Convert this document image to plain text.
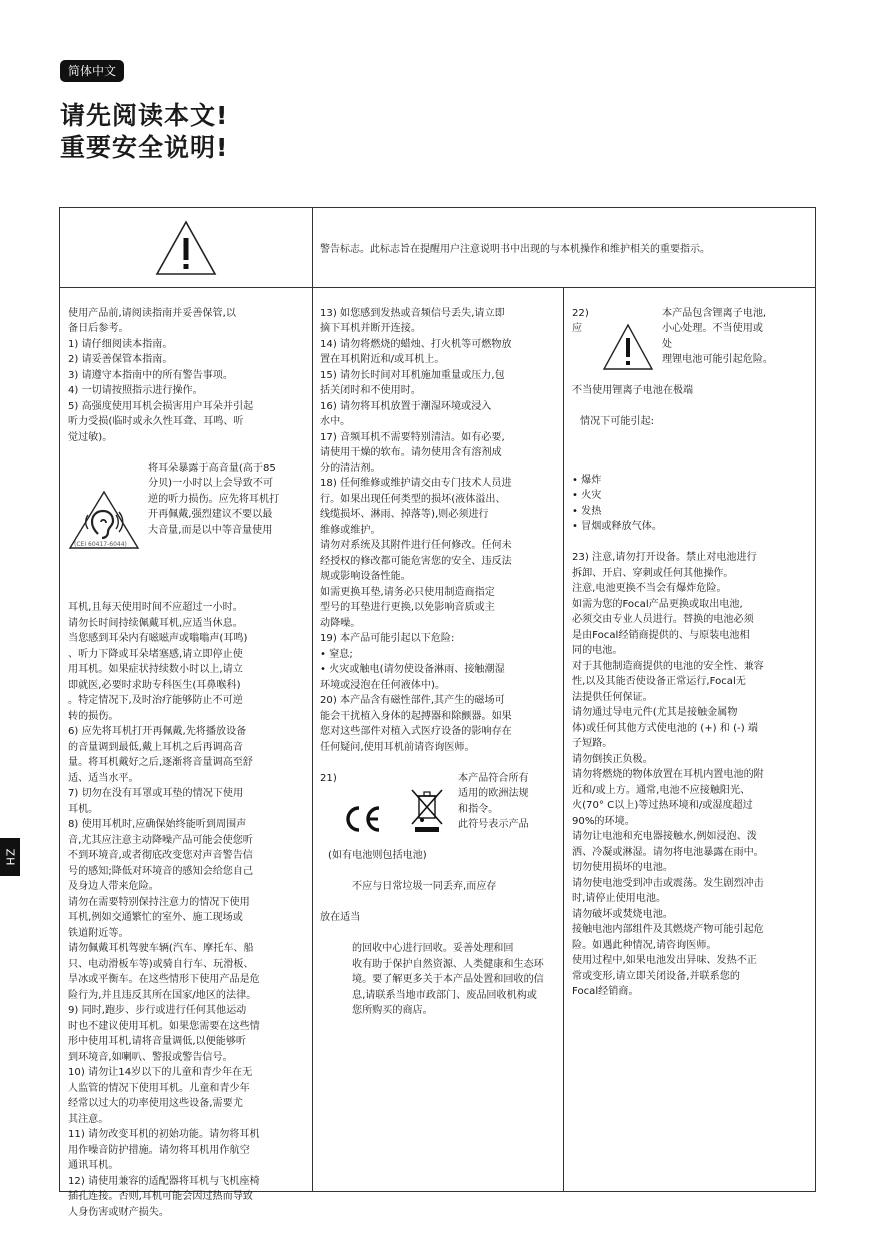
简体中文
请先阅读本文!
重要安全说明!
ZH
警告标志。此标志旨在提醒用户注意说明书中出现的与本机操作和维护相关的重要指示。

使用产品前,请阅读指南并妥善保管,以
备日后参考。
1) 请仔细阅读本指南。
2) 请妥善保管本指南。
3) 请遵守本指南中的所有警告事项。
4) 一切请按照指示进行操作。
5) 高强度使用耳机会损害用户耳朵并引起
听力受损(临时或永久性耳聋、耳鸣、听
觉过敏)。

(CEI 60417-6044)

将耳朵暴露于高音量(高于85
分贝)一小时以上会导致不可
逆的听力损伤。应先将耳机打
开再佩戴,强烈建议不要以最
大音量,而是以中等音量使用

耳机,且每天使用时间不应超过一小时。
请勿长时间持续佩戴耳机,应适当休息。
当您感到耳朵内有嗞嗞声或嗡嗡声(耳鸣)
、听力下降或耳朵堵塞感,请立即停止使
用耳机。如果症状持续数小时以上,请立
即就医,必要时求助专科医生(耳鼻喉科)
。特定情况下,及时治疗能够防止不可逆
转的损伤。
6) 应先将耳机打开再佩戴,先将播放设备
的音量调到最低,戴上耳机之后再调高音
量。将耳机戴好之后,逐渐将音量调高至舒
适、适当水平。
7) 切勿在没有耳罩或耳垫的情况下使用
耳机。
8) 使用耳机时,应确保始终能听到周围声
音,尤其应注意主动降噪产品可能会使您听
不到环境音,或者彻底改变您对声音警告信
号的感知;降低对环境音的感知会给您自己
及身边人带来危险。
请勿在需要特别保持注意力的情况下使用
耳机,例如交通繁忙的室外、施工现场或
铁道附近等。
请勿佩戴耳机驾驶车辆(汽车、摩托车、船
只、电动滑板车等)或骑自行车、玩滑板、
旱冰或平衡车。在这些情形下使用产品是危
险行为,并且违反其所在国家/地区的法律。
9) 同时,跑步、步行或进行任何其他运动
时也不建议使用耳机。如果您需要在这些情
形中使用耳机,请将音量调低,以便能够听
到环境音,如喇叭、警报或警告信号。
10) 请勿让14岁以下的儿童和青少年在无
人监管的情况下使用耳机。儿童和青少年
经常以过大的功率使用这些设备,需要尤
其注意。
11) 请勿改变耳机的初始功能。请勿将耳机
用作噪音防护措施。请勿将耳机用作航空
通讯耳机。
12) 请使用兼容的适配器将耳机与飞机座椅
插孔连接。否则,耳机可能会因过热而导致
人身伤害或财产损失。

13) 如您感到发热或音频信号丢失,请立即
摘下耳机并断开连接。
14) 请勿将燃烧的蜡烛、打火机等可燃物放
置在耳机附近和/或耳机上。
15) 请勿长时间对耳机施加重量或压力,包
括关闭时和不使用时。
16) 请勿将耳机放置于潮湿环境或浸入
水中。
17) 音频耳机不需要特别清洁。如有必要,
请使用干燥的软布。请勿使用含有溶剂成
分的清洁剂。
18) 任何维修或维护请交由专门技术人员进
行。如果出现任何类型的损坏(液体溢出、
线缆损坏、淋雨、掉落等),则必须进行
维修或维护。
请勿对系统及其附件进行任何修改。任何未
经授权的修改都可能危害您的安全、违反法
规或影响设备性能。
如需更换耳垫,请务必只使用制造商指定
型号的耳垫进行更换,以免影响音质或主
动降噪。
19) 本产品可能引起以下危险:
• 窒息;
• 火灾或触电(请勿使设备淋雨、接触潮湿
环境或浸泡在任何液体中)。
20) 本产品含有磁性部件,其产生的磁场可
能会干扰植入身体的起搏器和除颤器。如果
您对这些部件对植入式医疗设备的影响存在
任何疑问,使用耳机前请咨询医师。

21)	本产品符合所有
适用的欧洲法规
和指令。
此符号表示产品

(如有电池则包括电池)

不应与日常垃圾一同丢弃,而应存

放在适当

的回收中心进行回收。妥善处理和回
收有助于保护自然资源、人类健康和生态环
境。要了解更多关于本产品处置和回收的信
息,请联系当地市政部门、废品回收机构或
您所购买的商店。

22)
应

本产品包含锂离子电池,
小心处理。不当使用或
处
理锂电池可能引起危险。

不当使用锂离子电池在极端

情况下可能引起:

• 爆炸
• 火灾
• 发热
• 冒烟或释放气体。

23) 注意,请勿打开设备。禁止对电池进行
拆卸、开启、穿刺或任何其他操作。
注意,电池更换不当会有爆炸危险。
如需为您的Focal产品更换或取出电池,
必须交由专业人员进行。替换的电池必须
是由Focal经销商提供的、与原装电池相
同的电池。
对于其他制造商提供的电池的安全性、兼容
性,以及其能否使设备正常运行,Focal无
法提供任何保证。
请勿通过导电元件(尤其是接触金属物
体)或任何其他方式使电池的 (+) 和 (-) 端
子短路。
请勿倒挨正负极。
请勿将燃烧的物体放置在耳机内置电池的附
近和/或上方。通常,电池不应接触阳光、
火(70° C以上)等过热环境和/或湿度超过
90%的环境。
请勿让电池和充电器接触水,例如浸泡、泼
洒、冷凝或淋湿。请勿将电池暴露在雨中。
切勿使用损坏的电池。
请勿使电池受到冲击或震荡。发生剧烈冲击
时,请停止使用电池。
请勿破坏或焚烧电池。
接触电池内部组件及其燃烧产物可能引起危
险。如遇此种情况,请咨询医师。
使用过程中,如果电池发出异味、发热不正
常或变形,请立即关闭设备,并联系您的
Focal经销商。
